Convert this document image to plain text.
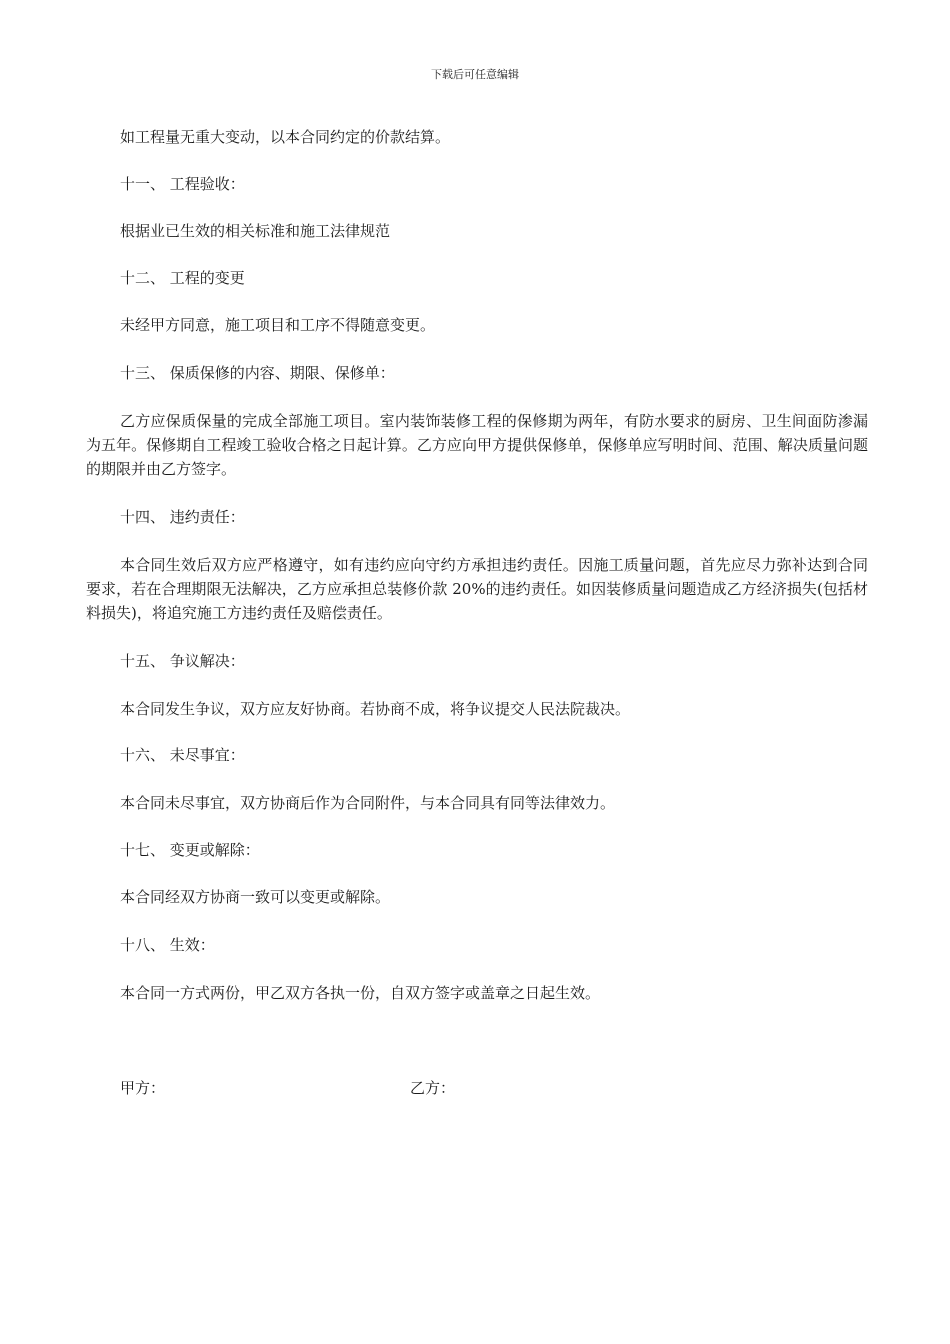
下载后可任意编辑
如工程量无重大变动，以本合同约定的价款结算。
十一、 工程验收：
根据业已生效的相关标准和施工法律规范
十二、 工程的变更
未经甲方同意，施工项目和工序不得随意变更。
十三、 保质保修的内容、期限、保修单：
乙方应保质保量的完成全部施工项目。室内装饰装修工程的保修期为两年，有防水要求的厨房、卫生间面防渗漏为五年。保修期自工程竣工验收合格之日起计算。乙方应向甲方提供保修单，保修单应写明时间、范围、解决质量问题的期限并由乙方签字。
十四、 违约责任：
本合同生效后双方应严格遵守，如有违约应向守约方承担违约责任。因施工质量问题，首先应尽力弥补达到合同要求，若在合理期限无法解决，乙方应承担总装修价款 20%的违约责任。如因装修质量问题造成乙方经济损失(包括材料损失)，将追究施工方违约责任及赔偿责任。
十五、 争议解决：
本合同发生争议，双方应友好协商。若协商不成，将争议提交人民法院裁决。
十六、 未尽事宜：
本合同未尽事宜，双方协商后作为合同附件，与本合同具有同等法律效力。
十七、 变更或解除：
本合同经双方协商一致可以变更或解除。
十八、 生效：
本合同一方式两份，甲乙双方各执一份，自双方签字或盖章之日起生效。
甲方：	乙方：
